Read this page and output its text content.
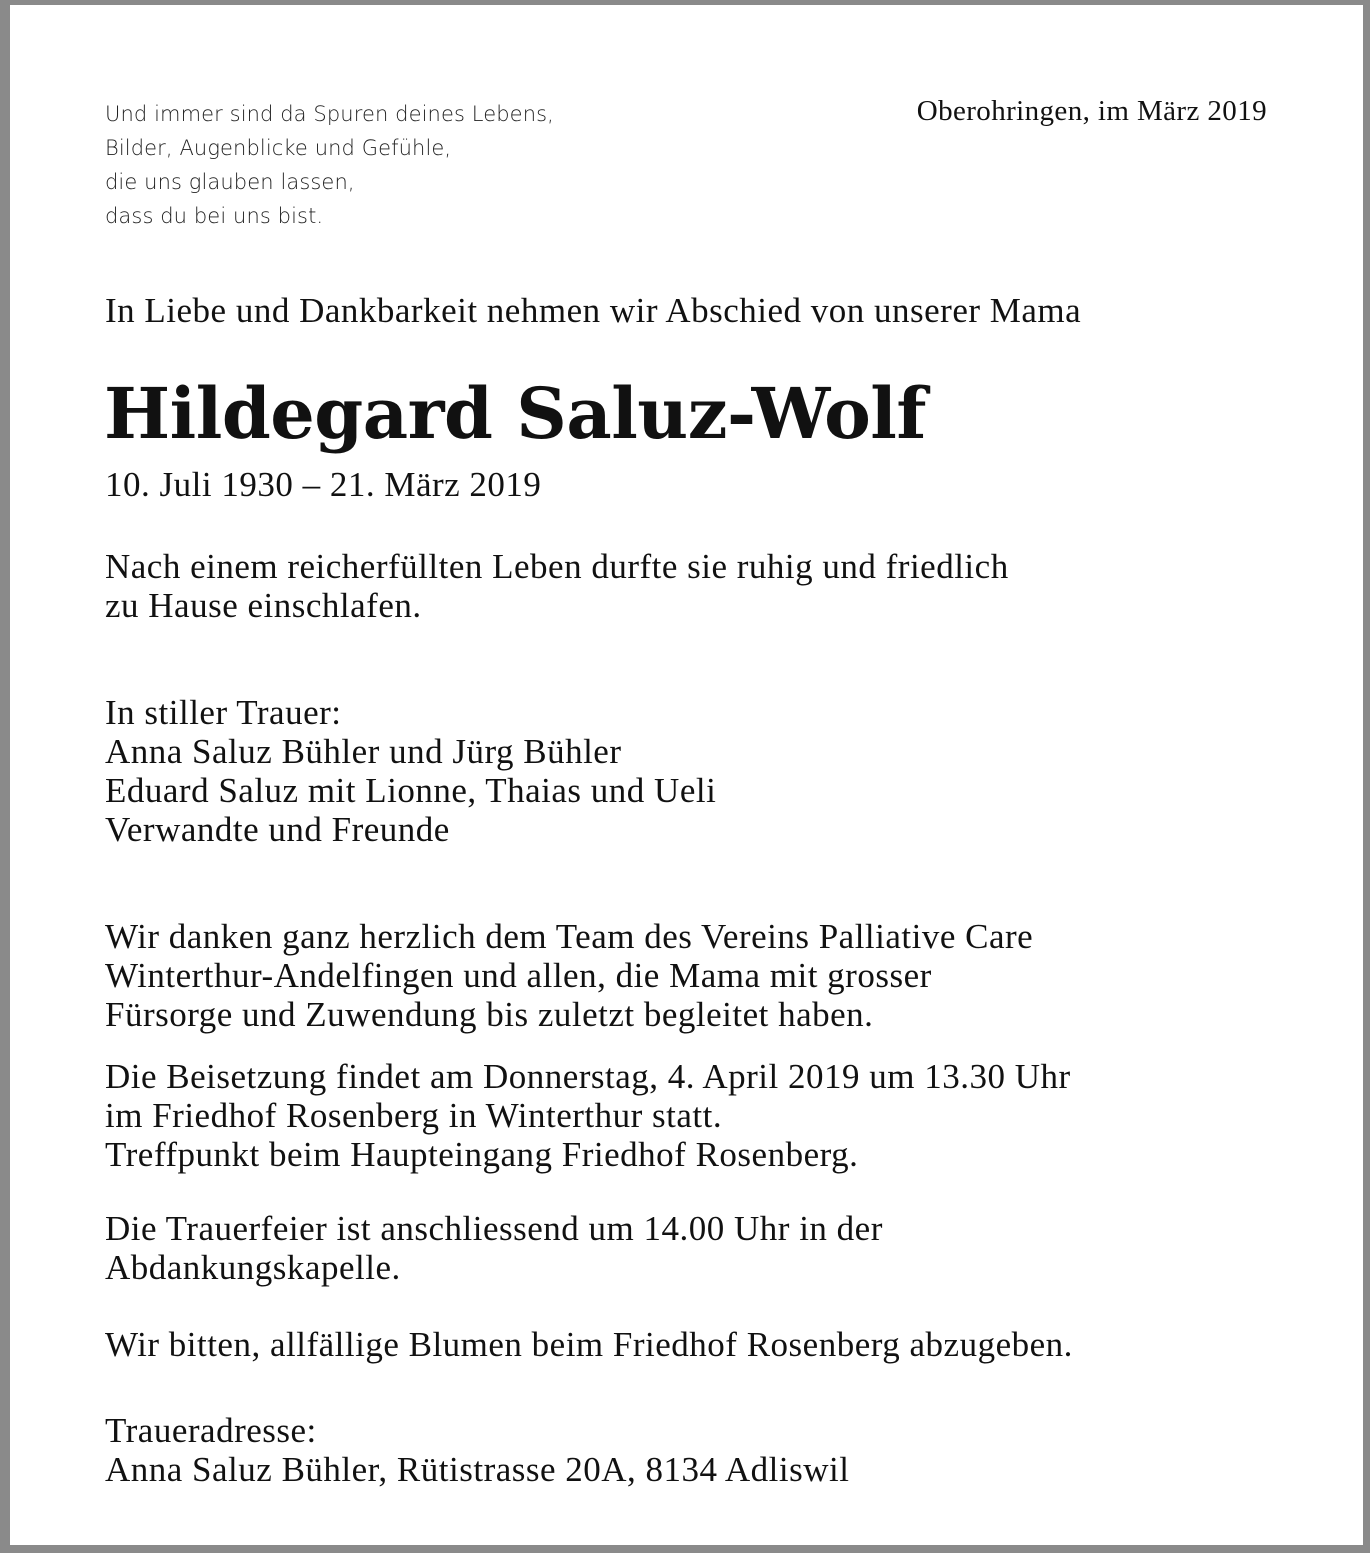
Und immer sind da Spuren deines Lebens,
Bilder, Augenblicke und Gefühle,
die uns glauben lassen,
dass du bei uns bist.
Oberohringen, im März 2019
In Liebe und Dankbarkeit nehmen wir Abschied von unserer Mama
Hildegard Saluz-Wolf
10. Juli 1930 – 21. März 2019
Nach einem reicherfüllten Leben durfte sie ruhig und friedlich
zu Hause einschlafen.
In stiller Trauer:
Anna Saluz Bühler und Jürg Bühler
Eduard Saluz mit Lionne, Thaias und Ueli
Verwandte und Freunde
Wir danken ganz herzlich dem Team des Vereins Palliative Care
Winterthur-Andelfingen und allen, die Mama mit grosser
Fürsorge und Zuwendung bis zuletzt begleitet haben.
Die Beisetzung findet am Donnerstag, 4. April 2019 um 13.30 Uhr
im Friedhof Rosenberg in Winterthur statt.
Treffpunkt beim Haupteingang Friedhof Rosenberg.
Die Trauerfeier ist anschliessend um 14.00 Uhr in der
Abdankungskapelle.
Wir bitten, allfällige Blumen beim Friedhof Rosenberg abzugeben.
Traueradresse:
Anna Saluz Bühler, Rütistrasse 20A, 8134 Adliswil
